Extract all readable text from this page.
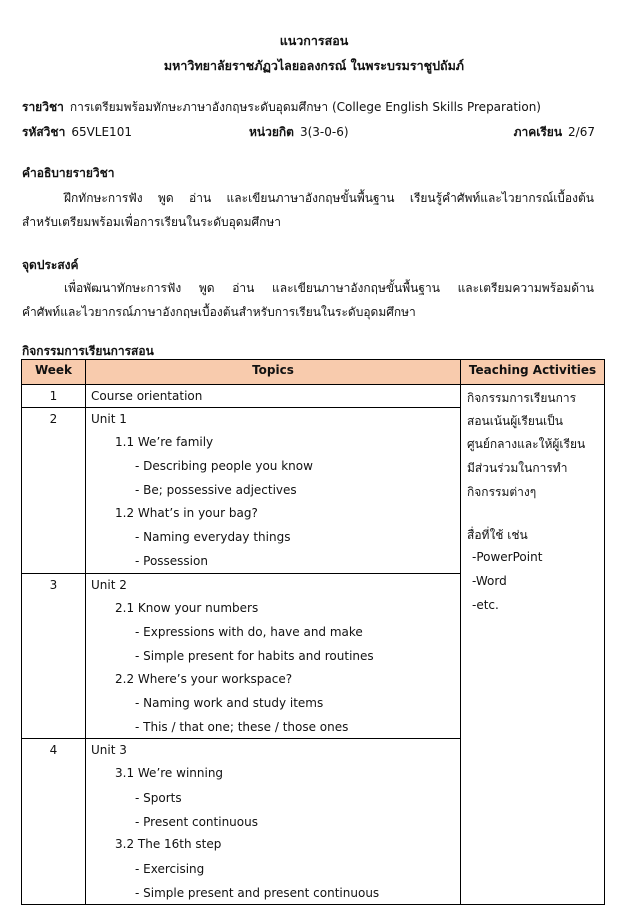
แนวการสอน
มหาวิทยาลัยราชภัฏวไลยอลงกรณ์ ในพระบรมราชูปถัมภ์
รายวิชา การเตรียมพร้อมทักษะภาษาอังกฤษระดับอุดมศึกษา (College English Skills Preparation)
รหัสวิชา 65VLE101	หน่วยกิต 3(3-0-6)	ภาคเรียน 2/67
คำอธิบายรายวิชา
ฝึกทักษะการฟัง พูด อ่าน และเขียนภาษาอังกฤษขั้นพื้นฐาน เรียนรู้คำศัพท์และไวยากรณ์เบื้องต้น
สำหรับเตรียมพร้อมเพื่อการเรียนในระดับอุดมศึกษา
จุดประสงค์
เพื่อพัฒนาทักษะการฟัง พูด อ่าน และเขียนภาษาอังกฤษขั้นพื้นฐาน และเตรียมความพร้อมด้าน
คำศัพท์และไวยากรณ์ภาษาอังกฤษเบื้องต้นสำหรับการเรียนในระดับอุดมศึกษา
กิจกรรมการเรียนการสอน
Week	Topics	Teaching Activities
1	Course orientation
2	Unit 1
1.1 We’re family
- Describing people you know
- Be; possessive adjectives
1.2 What’s in your bag?
- Naming everyday things
- Possession
3	Unit 2
2.1 Know your numbers
- Expressions with do, have and make
- Simple present for habits and routines
2.2 Where’s your workspace?
- Naming work and study items
- This / that one; these / those ones
4	Unit 3
3.1 We’re winning
- Sports
- Present continuous
3.2 The 16th step
- Exercising
- Simple present and present continuous
กิจกรรมการเรียนการ
สอนเน้นผู้เรียนเป็น
ศูนย์กลางและให้ผู้เรียน
มีส่วนร่วมในการทำ
กิจกรรมต่างๆ
สื่อที่ใช้ เช่น
-PowerPoint
-Word
-etc.
